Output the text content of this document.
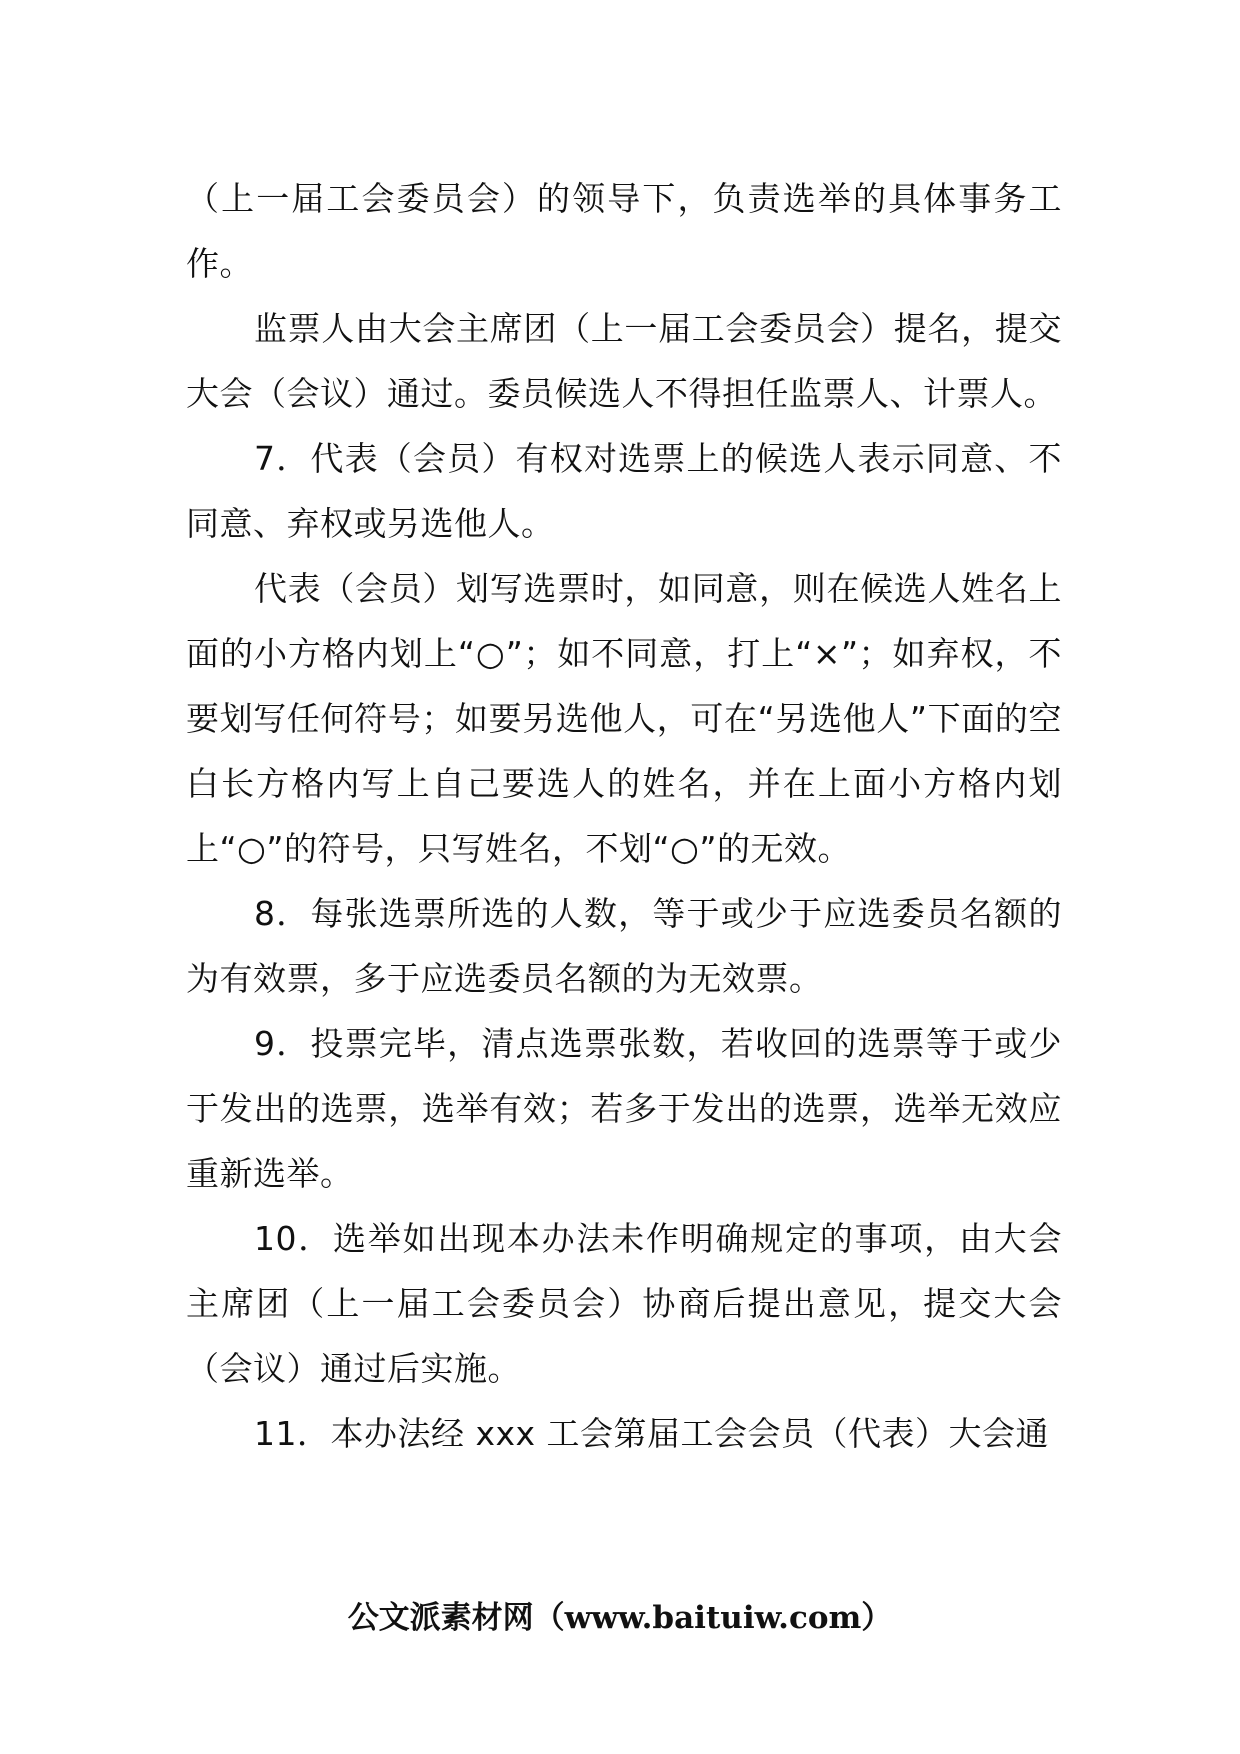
（上一届工会委员会）的领导下，负责选举的具体事务工作。

监票人由大会主席团（上一届工会委员会）提名，提交大会（会议）通过。委员候选人不得担任监票人、计票人。

7．代表（会员）有权对选票上的候选人表示同意、不同意、弃权或另选他人。

代表（会员）划写选票时，如同意，则在候选人姓名上面的小方格内划上“○”；如不同意，打上“×”；如弃权，不要划写任何符号；如要另选他人，可在“另选他人”下面的空白长方格内写上自己要选人的姓名，并在上面小方格内划上“○”的符号，只写姓名，不划“○”的无效。

8．每张选票所选的人数，等于或少于应选委员名额的为有效票，多于应选委员名额的为无效票。

9．投票完毕，清点选票张数，若收回的选票等于或少于发出的选票，选举有效；若多于发出的选票，选举无效应重新选举。

10．选举如出现本办法未作明确规定的事项，由大会主席团（上一届工会委员会）协商后提出意见，提交大会（会议）通过后实施。

11．本办法经 xxx 工会第届工会会员（代表）大会通

公文派素材网（www.baituiw.com）
